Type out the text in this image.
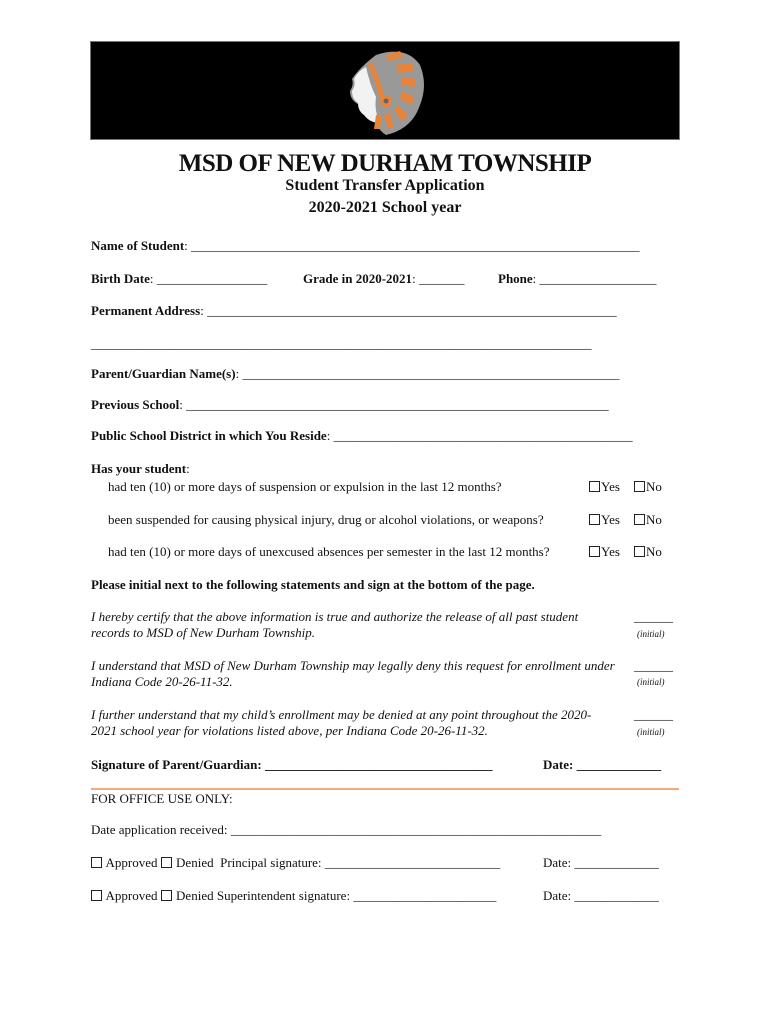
MSD OF NEW DURHAM TOWNSHIP
Student Transfer Application
2020-2021 School year
Name of Student: _____________________________________________________________________
Birth Date: _________________	Grade in 2020-2021: _______	Phone: __________________
Permanent Address: _______________________________________________________________
_____________________________________________________________________________
Parent/Guardian Name(s): __________________________________________________________
Previous School: _________________________________________________________________
Public School District in which You Reside: ______________________________________________
Has your student:
had ten (10) or more days of suspension or expulsion in the last 12 months?	Yes	No
been suspended for causing physical injury, drug or alcohol violations, or weapons?	Yes	No
had ten (10) or more days of unexcused absences per semester in the last 12 months?	Yes	No
Please initial next to the following statements and sign at the bottom of the page.
I hereby certify that the above information is true and authorize the release of all past student records to MSD of New Durham Township.
______
(initial)
I understand that MSD of New Durham Township may legally deny this request for enrollment under Indiana Code 20-26-11-32.
______
(initial)
I further understand that my child’s enrollment may be denied at any point throughout the 2020-2021 school year for violations listed above, per Indiana Code 20-26-11-32.
______
(initial)
Signature of Parent/Guardian: ___________________________________	Date: _____________
FOR OFFICE USE ONLY:
Date application received: _________________________________________________________
Approved Denied Principal signature: ___________________________	Date: _____________
Approved Denied Superintendent signature: ______________________	Date: _____________
